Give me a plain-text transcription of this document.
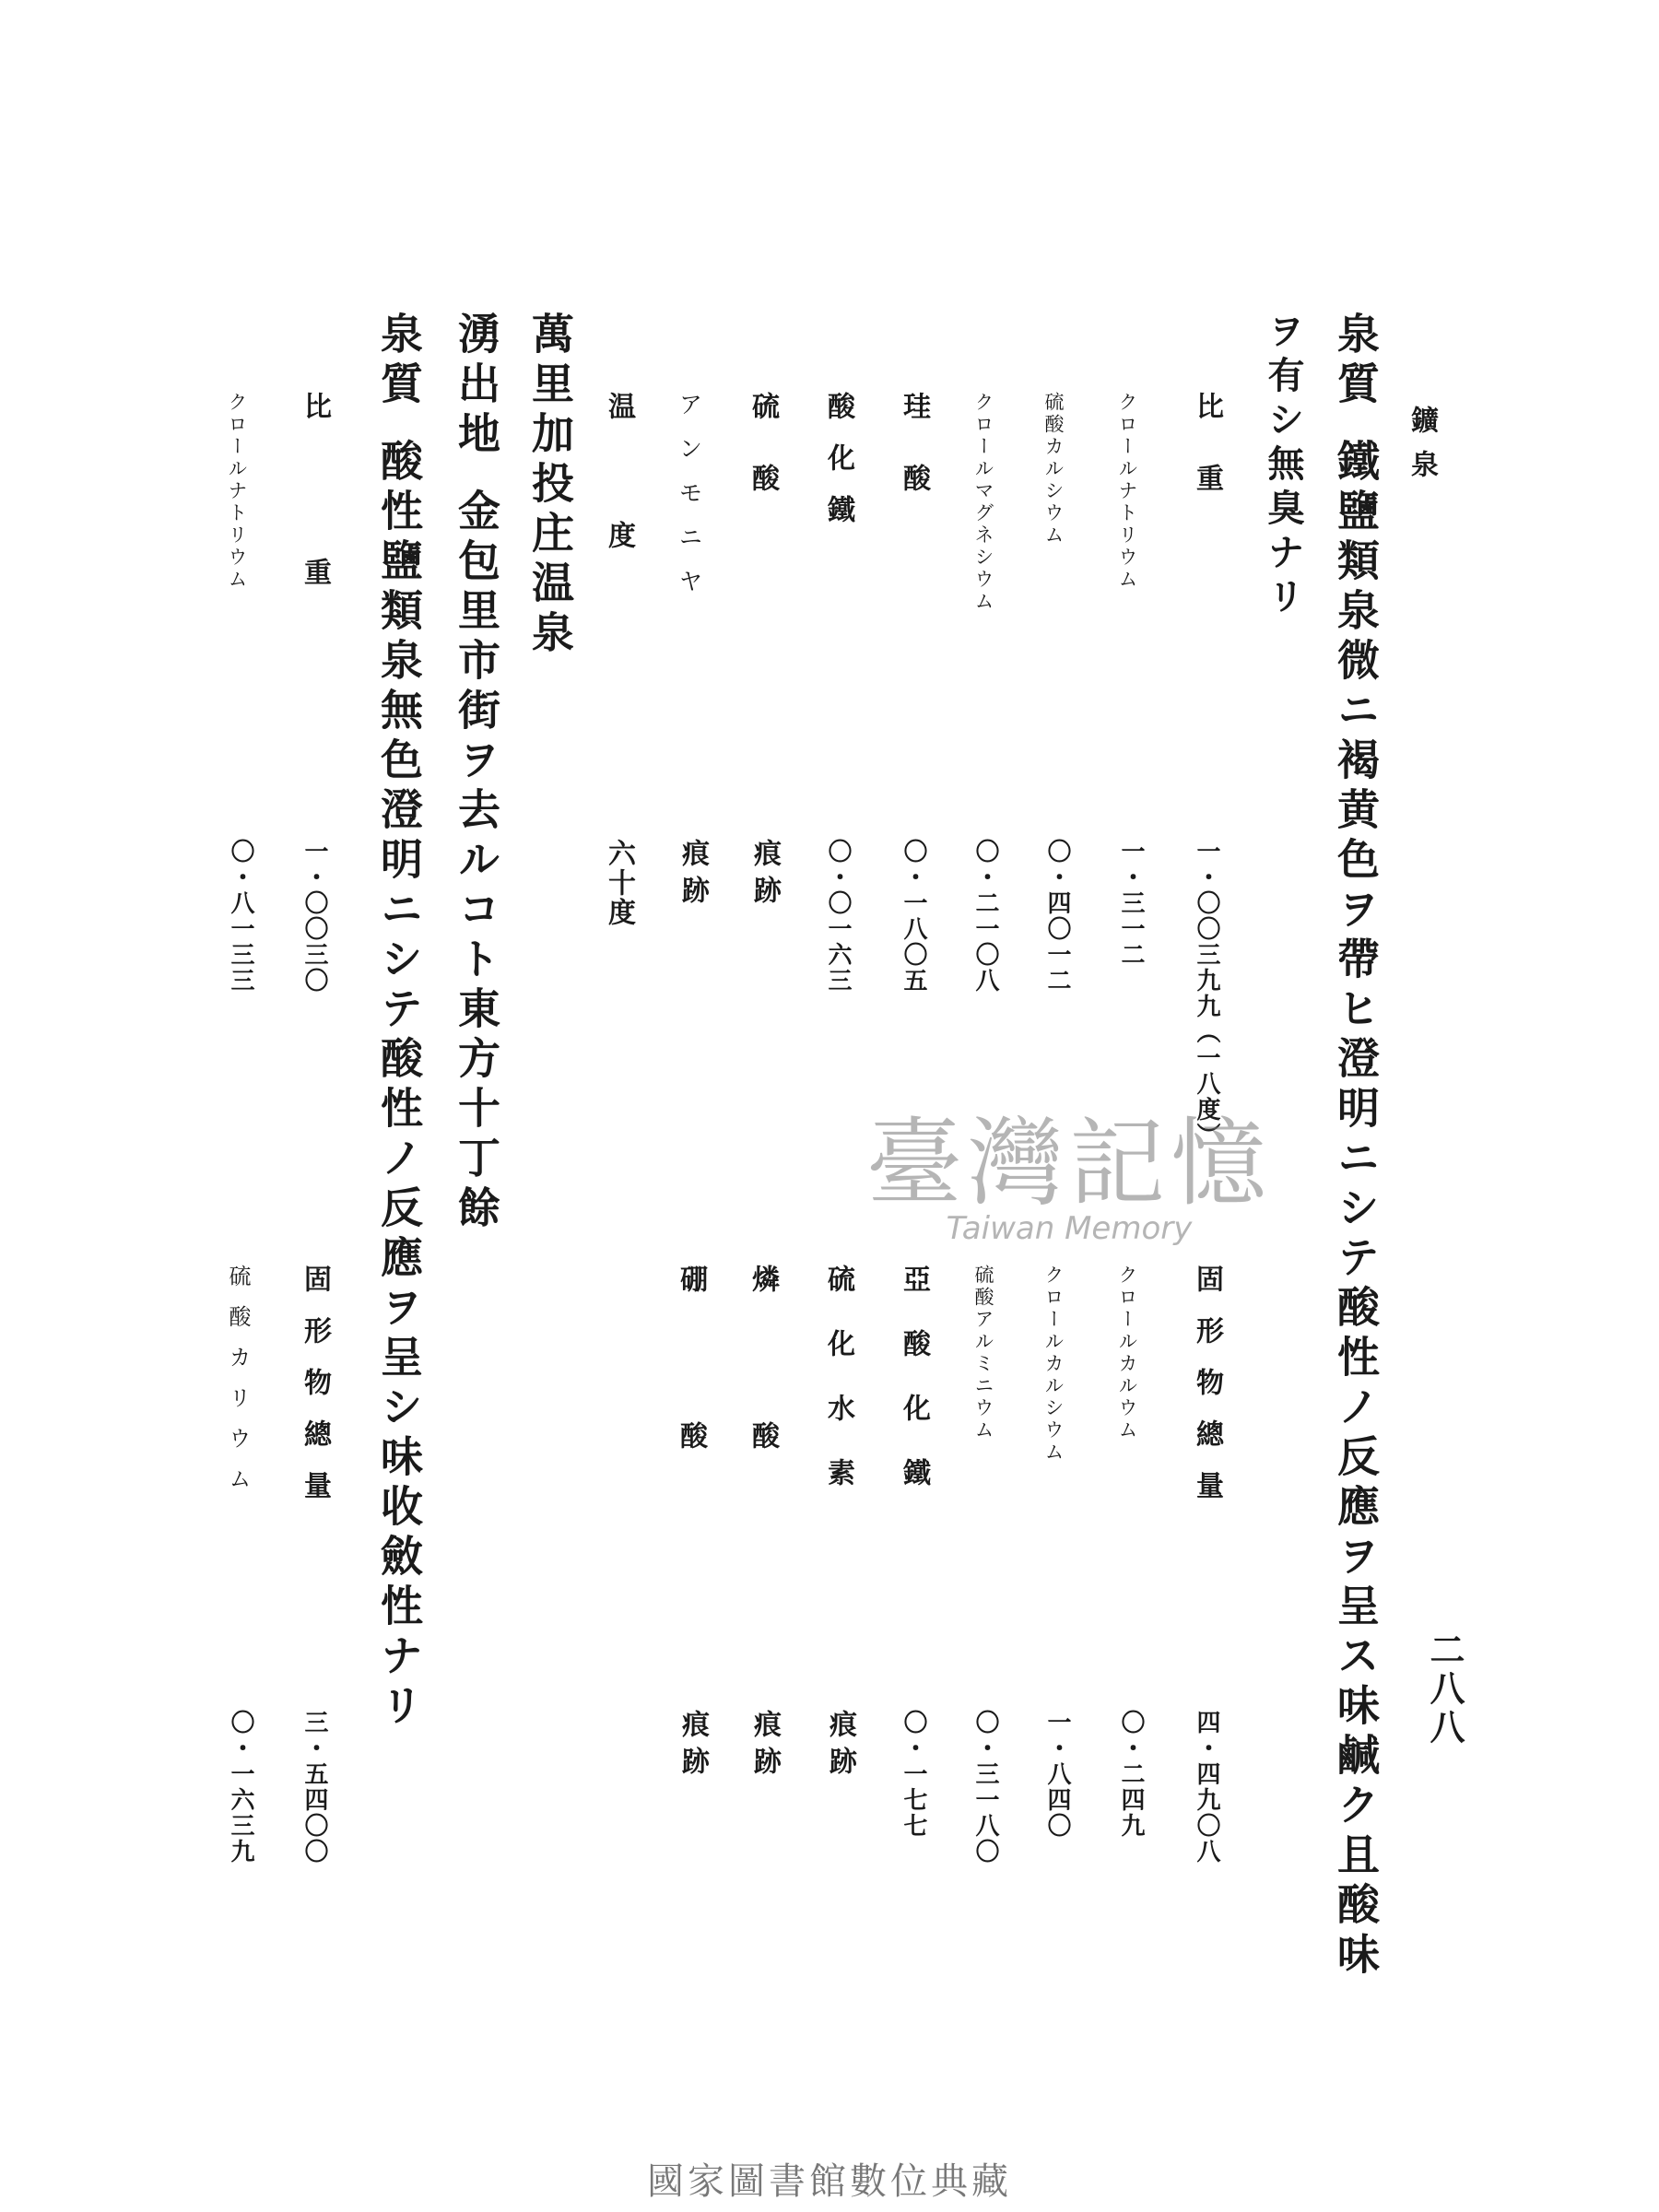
鑛泉
二八八
泉質鐵鹽類泉微ニ褐黄色ヲ帶ヒ澄明ニシテ酸性ノ反應ヲ呈ス味鹹ク且酸味
ヲ有シ無臭ナリ
比重
クロールナトリウム
硫酸カルシウム
クロールマグネシウム
珪酸
酸化鐵
硫酸
アンモニヤ
温度
一・〇〇三九九（一八度）
一・三一二
〇・四〇一二
〇・二一〇八
〇・一八〇五
〇・〇一六三
痕跡
痕跡
六十度
固形物總量
クロールカルウム
クロールカルシウム
硫酸アルミニウム
亞酸化鐵
硫化水素
燐酸
硼酸
四・四九〇八
〇・二四九
一・八四〇
〇・三一八〇
〇・一七七
痕跡
痕跡
痕跡
萬里加投庄温泉
湧出地金包里市街ヲ去ルコト東方十丁餘
泉質酸性鹽類泉無色澄明ニシテ酸性ノ反應ヲ呈シ味收斂性ナリ
比重
クロールナトリウム
一・〇〇三〇
〇・八一三三
固形物總量
硫酸カリウム
三・五四〇〇
〇・一六三九
臺灣記憶
Taiwan Memory
國家圖書館數位典藏
